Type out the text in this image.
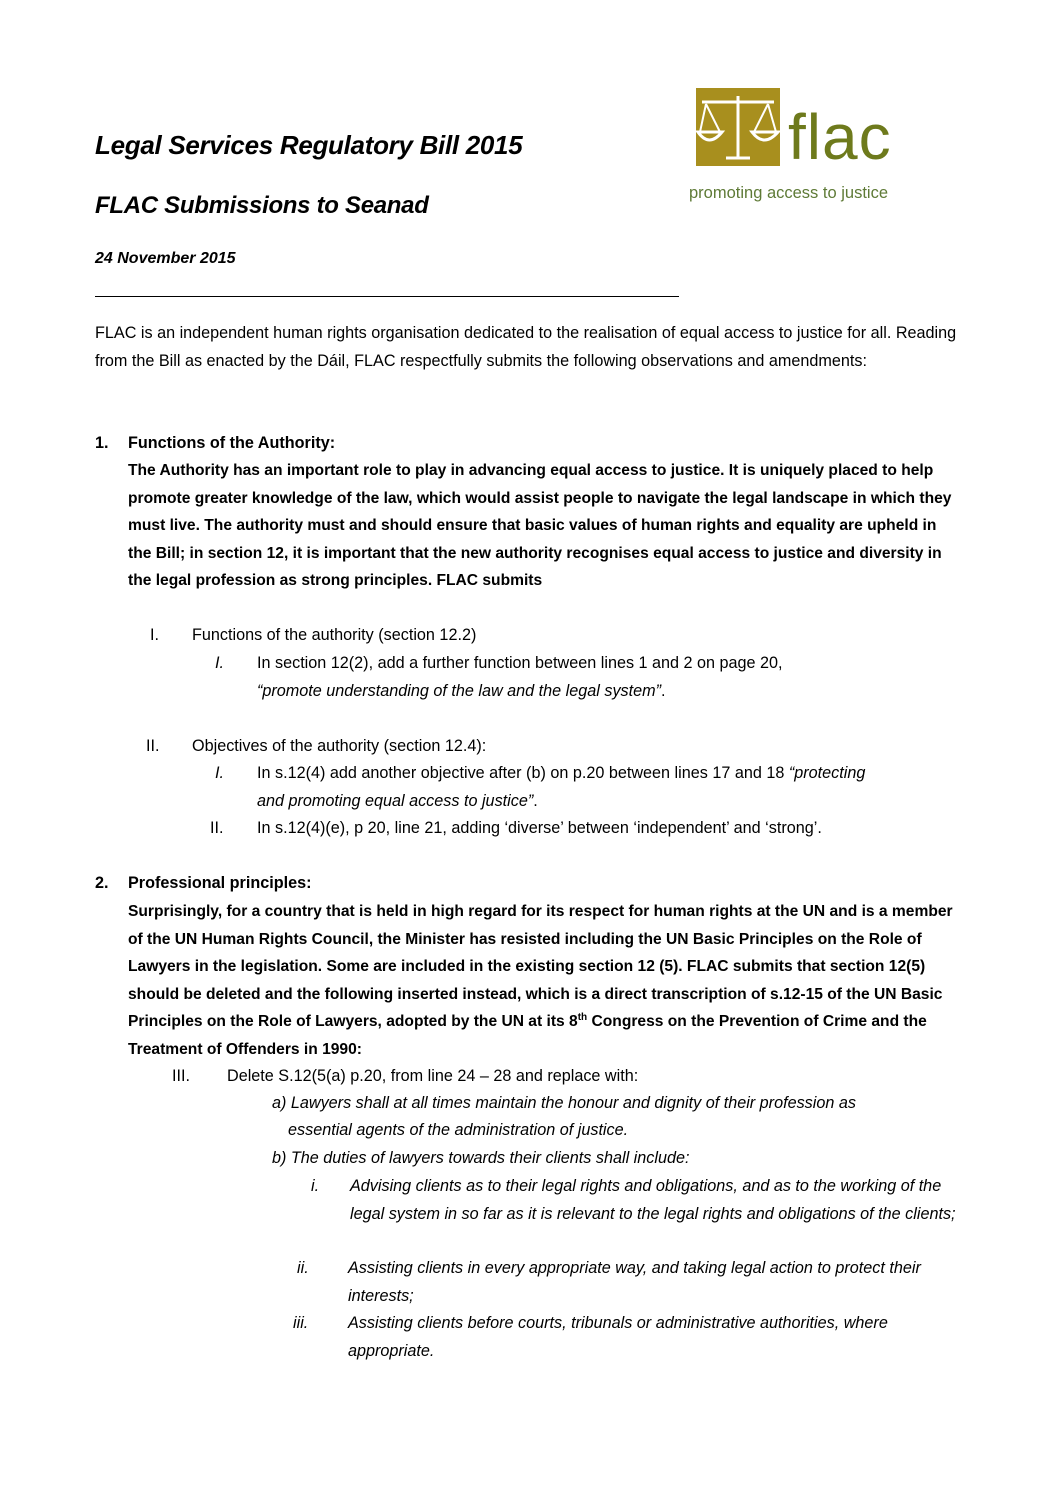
Legal Services Regulatory Bill 2015
FLAC Submissions to Seanad
24 November 2015
flac
promoting access to justice
FLAC is an independent human rights organisation dedicated to the realisation of equal access to justice for all. Reading from the Bill as enacted by the Dáil, FLAC respectfully submits the following observations and amendments:
1. Functions of the Authority:
The Authority has an important role to play in advancing equal access to justice. It is uniquely placed to help promote greater knowledge of the law, which would assist people to navigate the legal landscape in which they must live. The authority must and should ensure that basic values of human rights and equality are upheld in the Bill; in section 12, it is important that the new authority recognises equal access to justice and diversity in the legal profession as strong principles. FLAC submits
I. Functions of the authority (section 12.2)
I. In section 12(2), add a further function between lines 1 and 2 on page 20,
“promote understanding of the law and the legal system”.
II. Objectives of the authority (section 12.4):
I. In s.12(4) add another objective after (b) on p.20 between lines 17 and 18 “protecting
and promoting equal access to justice”.
II. In s.12(4)(e), p 20, line 21, adding ‘diverse’ between ‘independent’ and ‘strong’.
2. Professional principles:
Surprisingly, for a country that is held in high regard for its respect for human rights at the UN and is a member of the UN Human Rights Council, the Minister has resisted including the UN Basic Principles on the Role of Lawyers in the legislation. Some are included in the existing section 12 (5). FLAC submits that section 12(5) should be deleted and the following inserted instead, which is a direct transcription of s.12-15 of the UN Basic Principles on the Role of Lawyers, adopted by the UN at its 8th Congress on the Prevention of Crime and the Treatment of Offenders in 1990:
III. Delete S.12(5(a) p.20, from line 24 – 28 and replace with:
a) Lawyers shall at all times maintain the honour and dignity of their profession as
essential agents of the administration of justice.
b) The duties of lawyers towards their clients shall include:
i. Advising clients as to their legal rights and obligations, and as to the working of the legal system in so far as it is relevant to the legal rights and obligations of the clients;
ii. Assisting clients in every appropriate way, and taking legal action to protect their interests;
iii. Assisting clients before courts, tribunals or administrative authorities, where appropriate.
